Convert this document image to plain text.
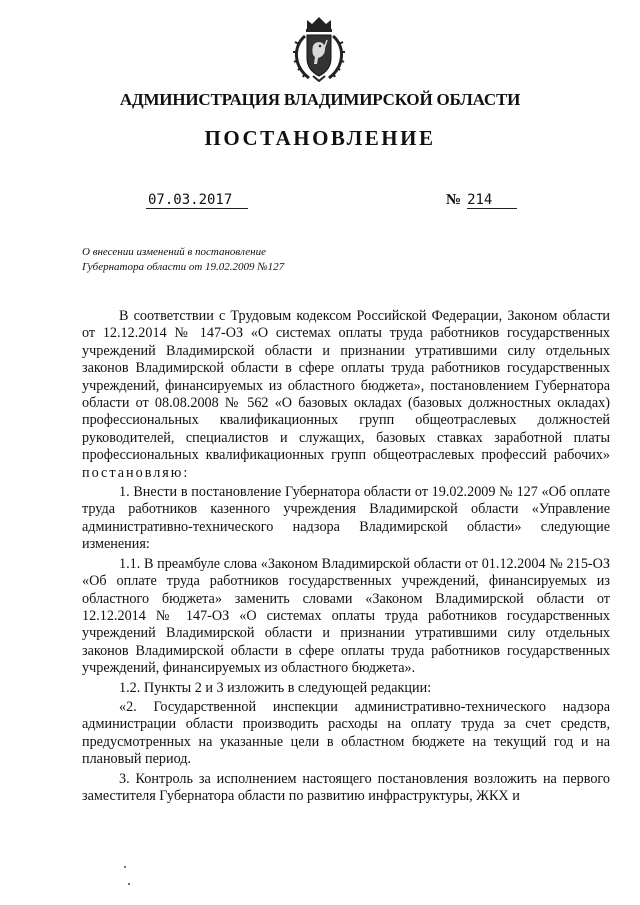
АДМИНИСТРАЦИЯ ВЛАДИМИРСКОЙ ОБЛАСТИ
ПОСТАНОВЛЕНИЕ
07.03.2017	№ 214
О внесении изменений в постановление
Губернатора области от 19.02.2009 №127

В соответствии с Трудовым кодексом Российской Федерации, Законом области от 12.12.2014 № 147-ОЗ «О системах оплаты труда работников государственных учреждений Владимирской области и признании утратившими силу отдельных законов Владимирской области в сфере оплаты труда работников государственных учреждений, финансируемых из областного бюджета», постановлением Губернатора области от 08.08.2008 № 562 «О базовых окладах (базовых должностных окладах) профессиональных квалификационных групп общеотраслевых должностей руководителей, специалистов и служащих, базовых ставках заработной платы профессиональных квалификационных групп общеотраслевых профессий рабочих» постановляю:

1. Внести в постановление Губернатора области от 19.02.2009 № 127 «Об оплате труда работников казенного учреждения Владимирской области «Управление административно-технического надзора Владимирской области» следующие изменения:

1.1. В преамбуле слова «Законом Владимирской области от 01.12.2004 № 215-ОЗ «Об оплате труда работников государственных учреждений, финансируемых из областного бюджета» заменить словами «Законом Владимирской области от 12.12.2014 № 147-ОЗ «О системах оплаты труда работников государственных учреждений Владимирской области и признании утратившими силу отдельных законов Владимирской области в сфере оплаты труда работников государственных учреждений, финансируемых из областного бюджета».

1.2. Пункты 2 и 3 изложить в следующей редакции:

«2. Государственной инспекции административно-технического надзора администрации области производить расходы на оплату труда за счет средств, предусмотренных на указанные цели в областном бюджете на текущий год и на плановый период.

3. Контроль за исполнением настоящего постановления возложить на первого заместителя Губернатора области по развитию инфраструктуры, ЖКХ и
